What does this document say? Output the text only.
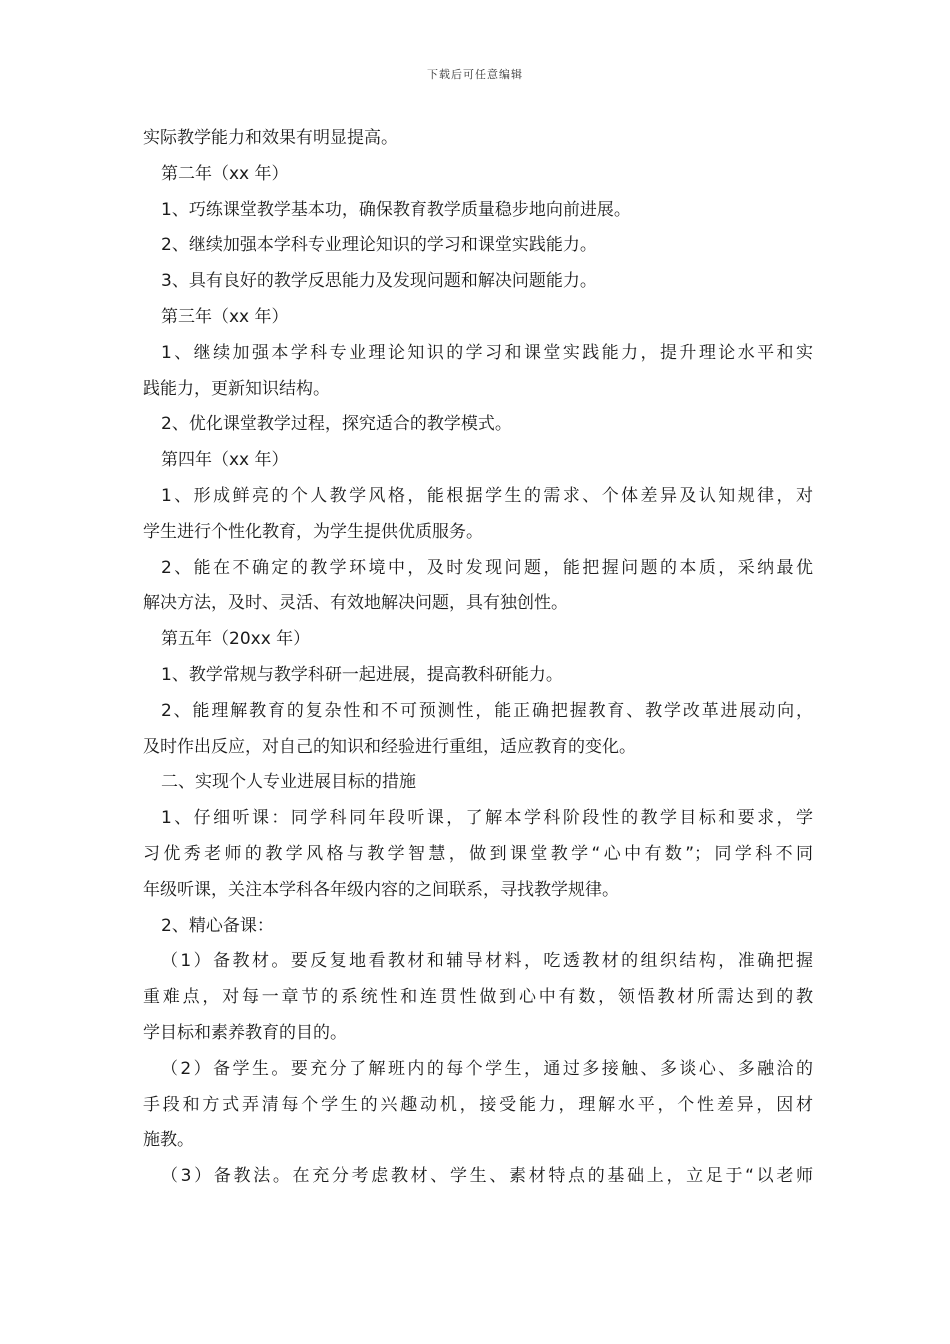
下载后可任意编辑
实际教学能力和效果有明显提高。
第二年（xx 年）
1、巧练课堂教学基本功，确保教育教学质量稳步地向前进展。
2、继续加强本学科专业理论知识的学习和课堂实践能力。
3、具有良好的教学反思能力及发现问题和解决问题能力。
第三年（xx 年）
1、继续加强本学科专业理论知识的学习和课堂实践能力，提升理论水平和实
践能力，更新知识结构。
2、优化课堂教学过程，探究适合的教学模式。
第四年（xx 年）
1、形成鲜亮的个人教学风格，能根据学生的需求、个体差异及认知规律，对
学生进行个性化教育，为学生提供优质服务。
2、能在不确定的教学环境中，及时发现问题，能把握问题的本质，采纳最优
解决方法，及时、灵活、有效地解决问题，具有独创性。
第五年（20xx 年）
1、教学常规与教学科研一起进展，提高教科研能力。
2、能理解教育的复杂性和不可预测性，能正确把握教育、教学改革进展动向，
及时作出反应，对自己的知识和经验进行重组，适应教育的变化。
二、实现个人专业进展目标的措施
1、仔细听课：同学科同年段听课，了解本学科阶段性的教学目标和要求，学
习优秀老师的教学风格与教学智慧，做到课堂教学“心中有数”；同学科不同
年级听课，关注本学科各年级内容的之间联系，寻找教学规律。
2、精心备课：
（1）备教材。要反复地看教材和辅导材料，吃透教材的组织结构，准确把握
重难点，对每一章节的系统性和连贯性做到心中有数，领悟教材所需达到的教
学目标和素养教育的目的。
（2）备学生。要充分了解班内的每个学生，通过多接触、多谈心、多融洽的
手段和方式弄清每个学生的兴趣动机，接受能力，理解水平，个性差异，因材
施教。
（3）备教法。在充分考虑教材、学生、素材特点的基础上，立足于“以老师
